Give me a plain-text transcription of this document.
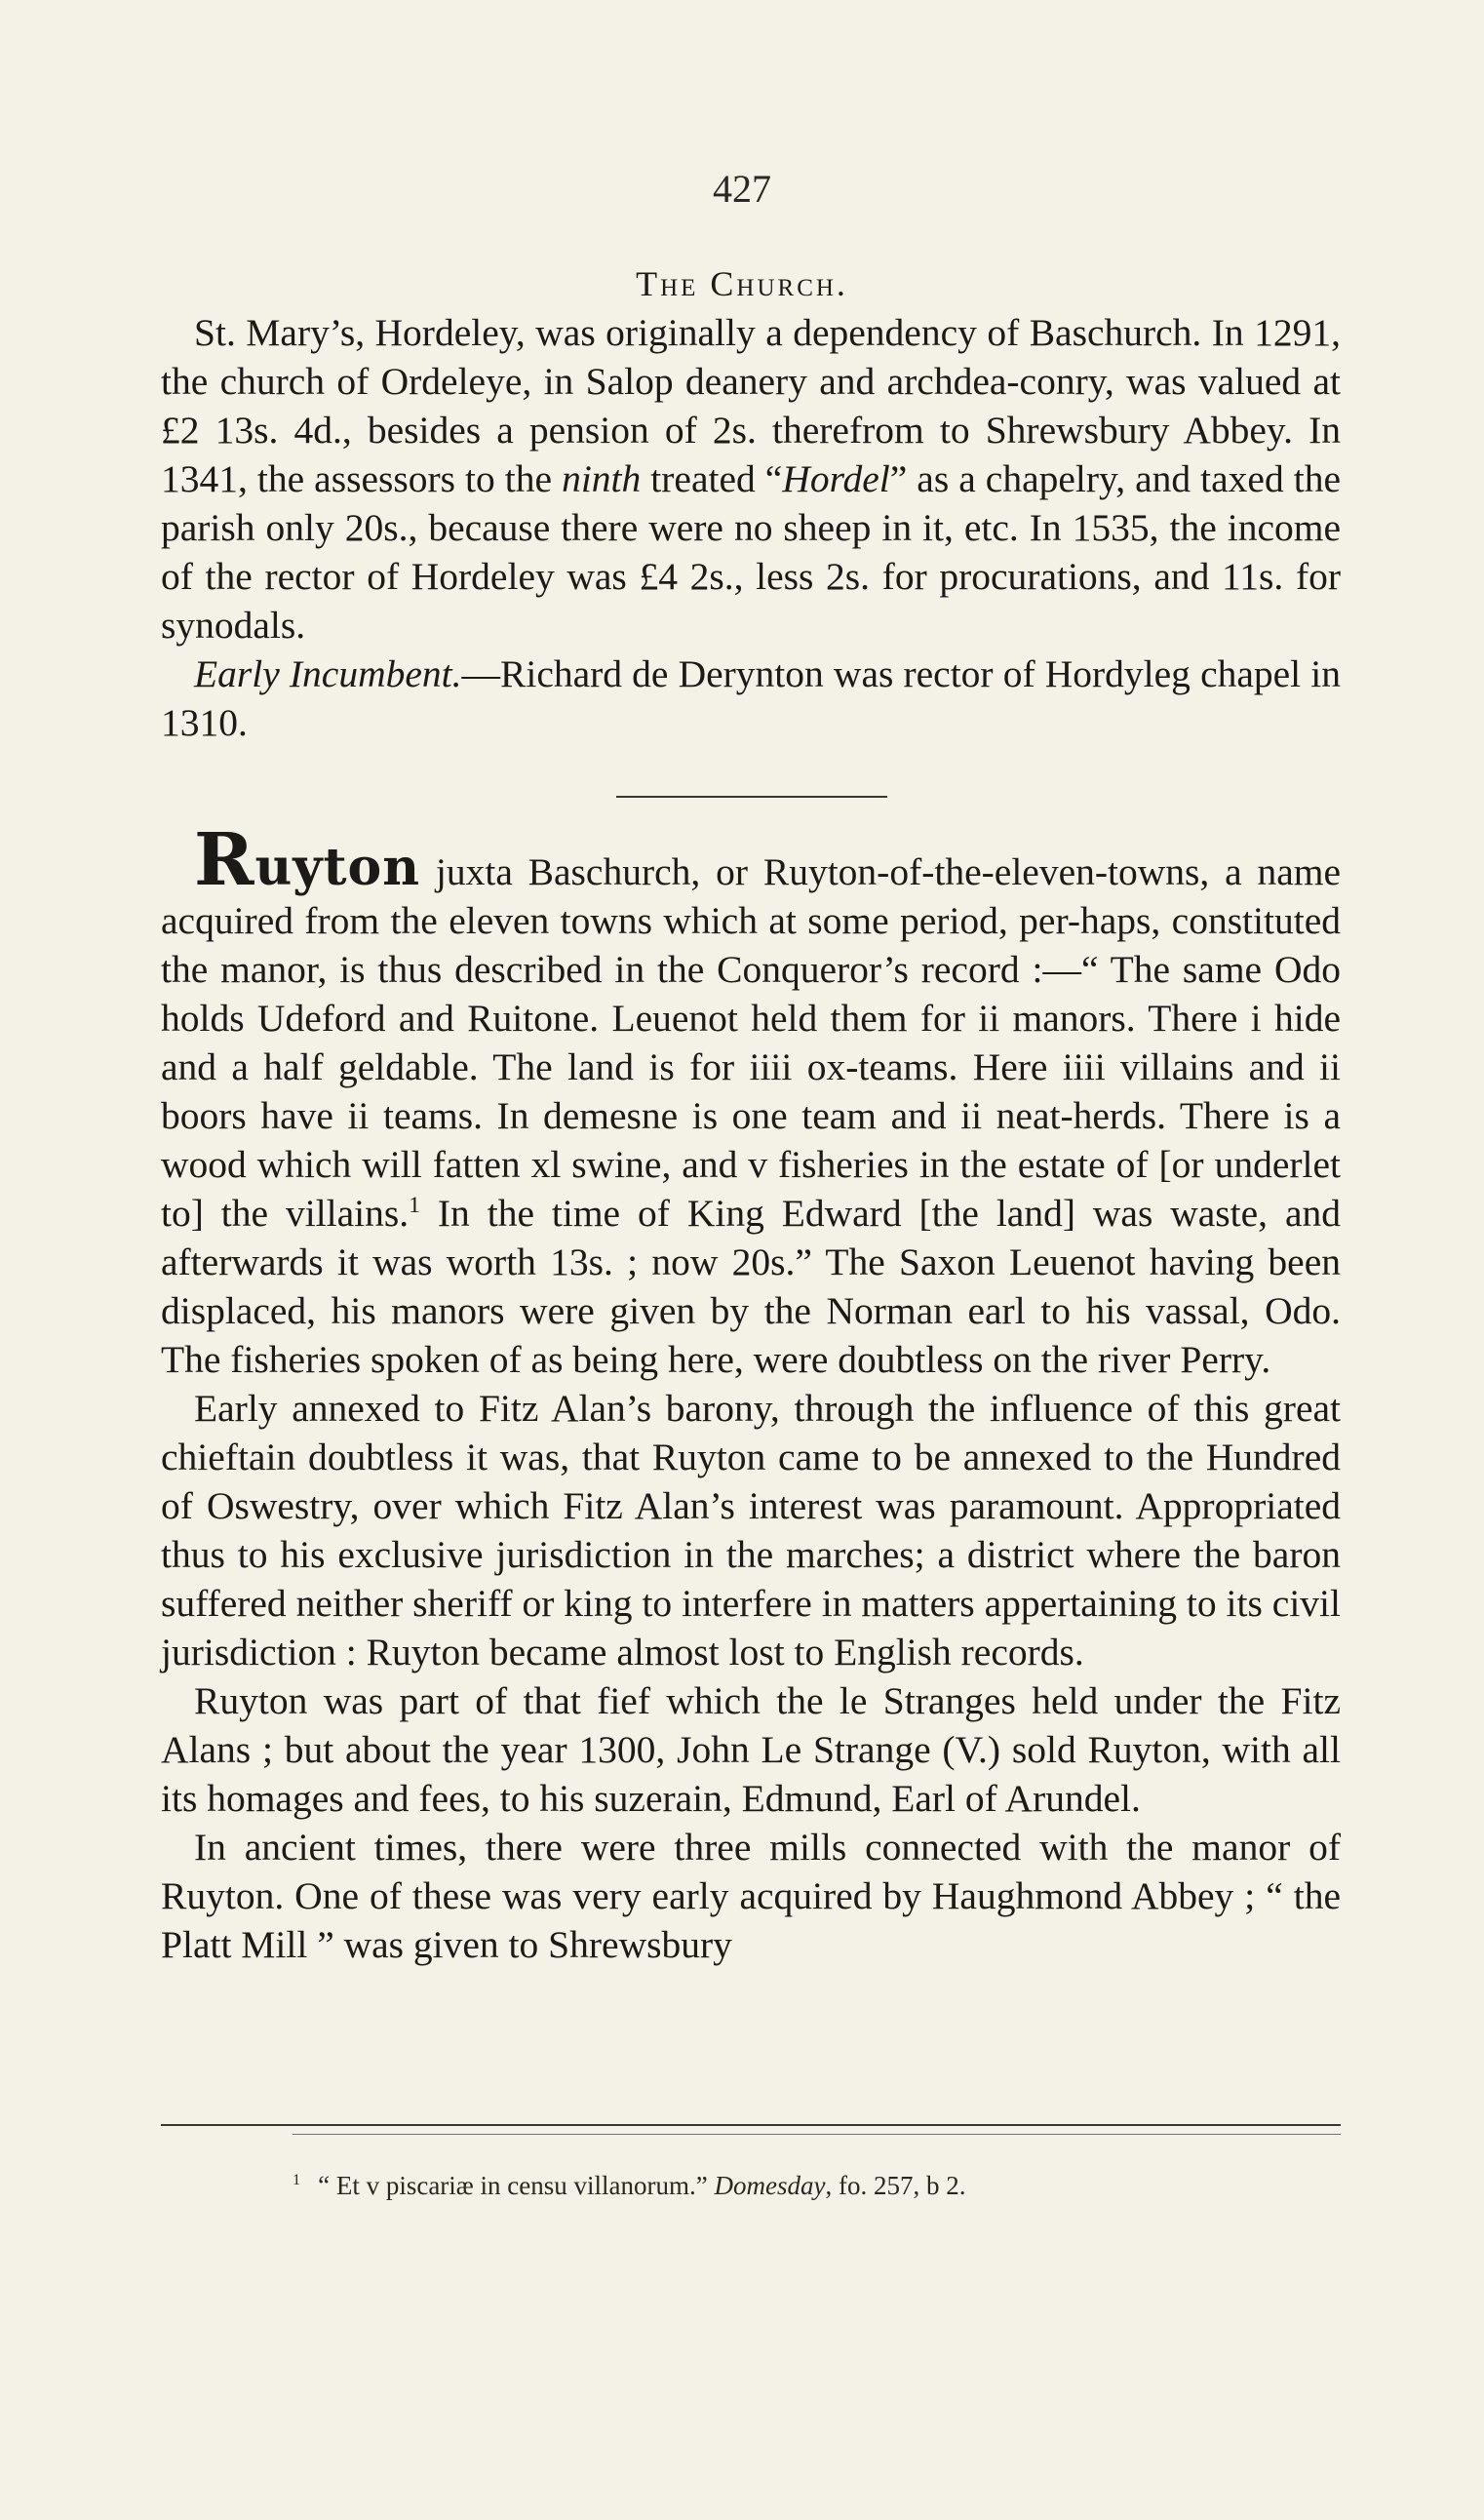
427
The Church.

St. Mary’s, Hordeley, was originally a dependency of Baschurch. In 1291, the church of Ordeleye, in Salop deanery and archdea-conry, was valued at £2 13s. 4d., besides a pension of 2s. therefrom to Shrewsbury Abbey. In 1341, the assessors to the ninth treated “Hordel” as a chapelry, and taxed the parish only 20s., because there were no sheep in it, etc. In 1535, the income of the rector of Hordeley was £4 2s., less 2s. for procurations, and 11s. for synodals.

Early Incumbent.—Richard de Derynton was rector of Hordyleg chapel in 1310.

Ruyton juxta Baschurch, or Ruyton-of-the-eleven-towns, a name acquired from the eleven towns which at some period, per-haps, constituted the manor, is thus described in the Conqueror’s record :—“ The same Odo holds Udeford and Ruitone. Leuenot held them for ii manors. There i hide and a half geldable. The land is for iiii ox-teams. Here iiii villains and ii boors have ii teams. In demesne is one team and ii neat-herds. There is a wood which will fatten xl swine, and v fisheries in the estate of [or underlet to] the villains.$^1$ In the time of King Edward [the land] was waste, and afterwards it was worth 13s. ; now 20s.” The Saxon Leuenot having been displaced, his manors were given by the Norman earl to his vassal, Odo. The fisheries spoken of as being here, were doubtless on the river Perry.

Early annexed to Fitz Alan’s barony, through the influence of this great chieftain doubtless it was, that Ruyton came to be annexed to the Hundred of Oswestry, over which Fitz Alan’s interest was paramount. Appropriated thus to his exclusive jurisdiction in the marches; a district where the baron suffered neither sheriff or king to interfere in matters appertaining to its civil jurisdiction : Ruyton became almost lost to English records.

Ruyton was part of that fief which the le Stranges held under the Fitz Alans ; but about the year 1300, John Le Strange (V.) sold Ruyton, with all its homages and fees, to his suzerain, Edmund, Earl of Arundel.

In ancient times, there were three mills connected with the manor of Ruyton. One of these was very early acquired by Haughmond Abbey ; “ the Platt Mill ” was given to Shrewsbury

$^1$ “ Et v piscariæ in censu villanorum.” Domesday, fo. 257, b 2.
